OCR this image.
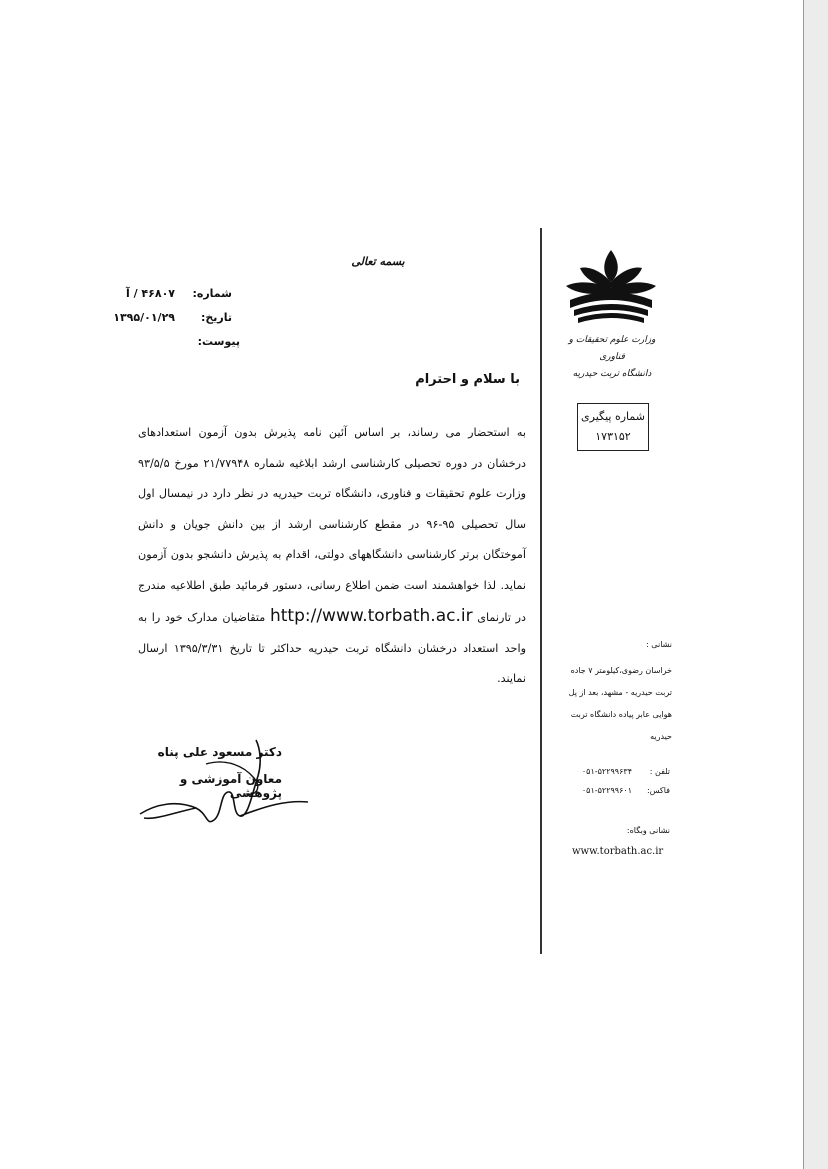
وزارت علوم تحقیقات و فناوری
دانشگاه تربت حیدریه
شماره پیگیری
۱۷۳۱۵۲
بسمه تعالی
شماره:
۴۶۸۰۷ / آ
تاریخ:
۱۳۹۵/۰۱/۲۹
پیوست:
با سلام و احترام
به استحضار می رساند، بر اساس آئین نامه پذیرش بدون آزمون استعدادهای درخشان در دوره تحصیلی کارشناسی ارشد ابلاغیه شماره ۲۱/۷۷۹۴۸ مورخ ۹۳/۵/۵ وزارت علوم تحقیقات و فناوری، دانشگاه تربت حیدریه در نظر دارد در نیمسال اول سال تحصیلی ۹۵-۹۶ در مقطع کارشناسی ارشد از بین دانش جویان و دانش آموختگان برتر کارشناسی دانشگاههای دولتی، اقدام به پذیرش دانشجو بدون آزمون نماید. لذا خواهشمند است ضمن اطلاع رسانی، دستور فرمائید طبق اطلاعیه مندرج در تارنمای http://www.torbath.ac.ir متقاضیان مدارک خود را به واحد استعداد درخشان دانشگاه تربت حیدریه حداکثر تا تاریخ ۱۳۹۵/۳/۳۱ ارسال نمایند.
دکتر مسعود علی پناه
معاون آموزشی و پژوهشی
نشانی :
خراسان رضوی،کیلومتر ۷ جاده
تربت حیدریه - مشهد، بعد از پل
هوایی عابر پیاده دانشگاه تربت
حیدریه
تلفن :
۰۵۱-۵۲۲۹۹۶۳۴
فاکس:
۰۵۱-۵۲۲۹۹۶۰۱
نشانی وبگاه:
www.torbath.ac.ir
